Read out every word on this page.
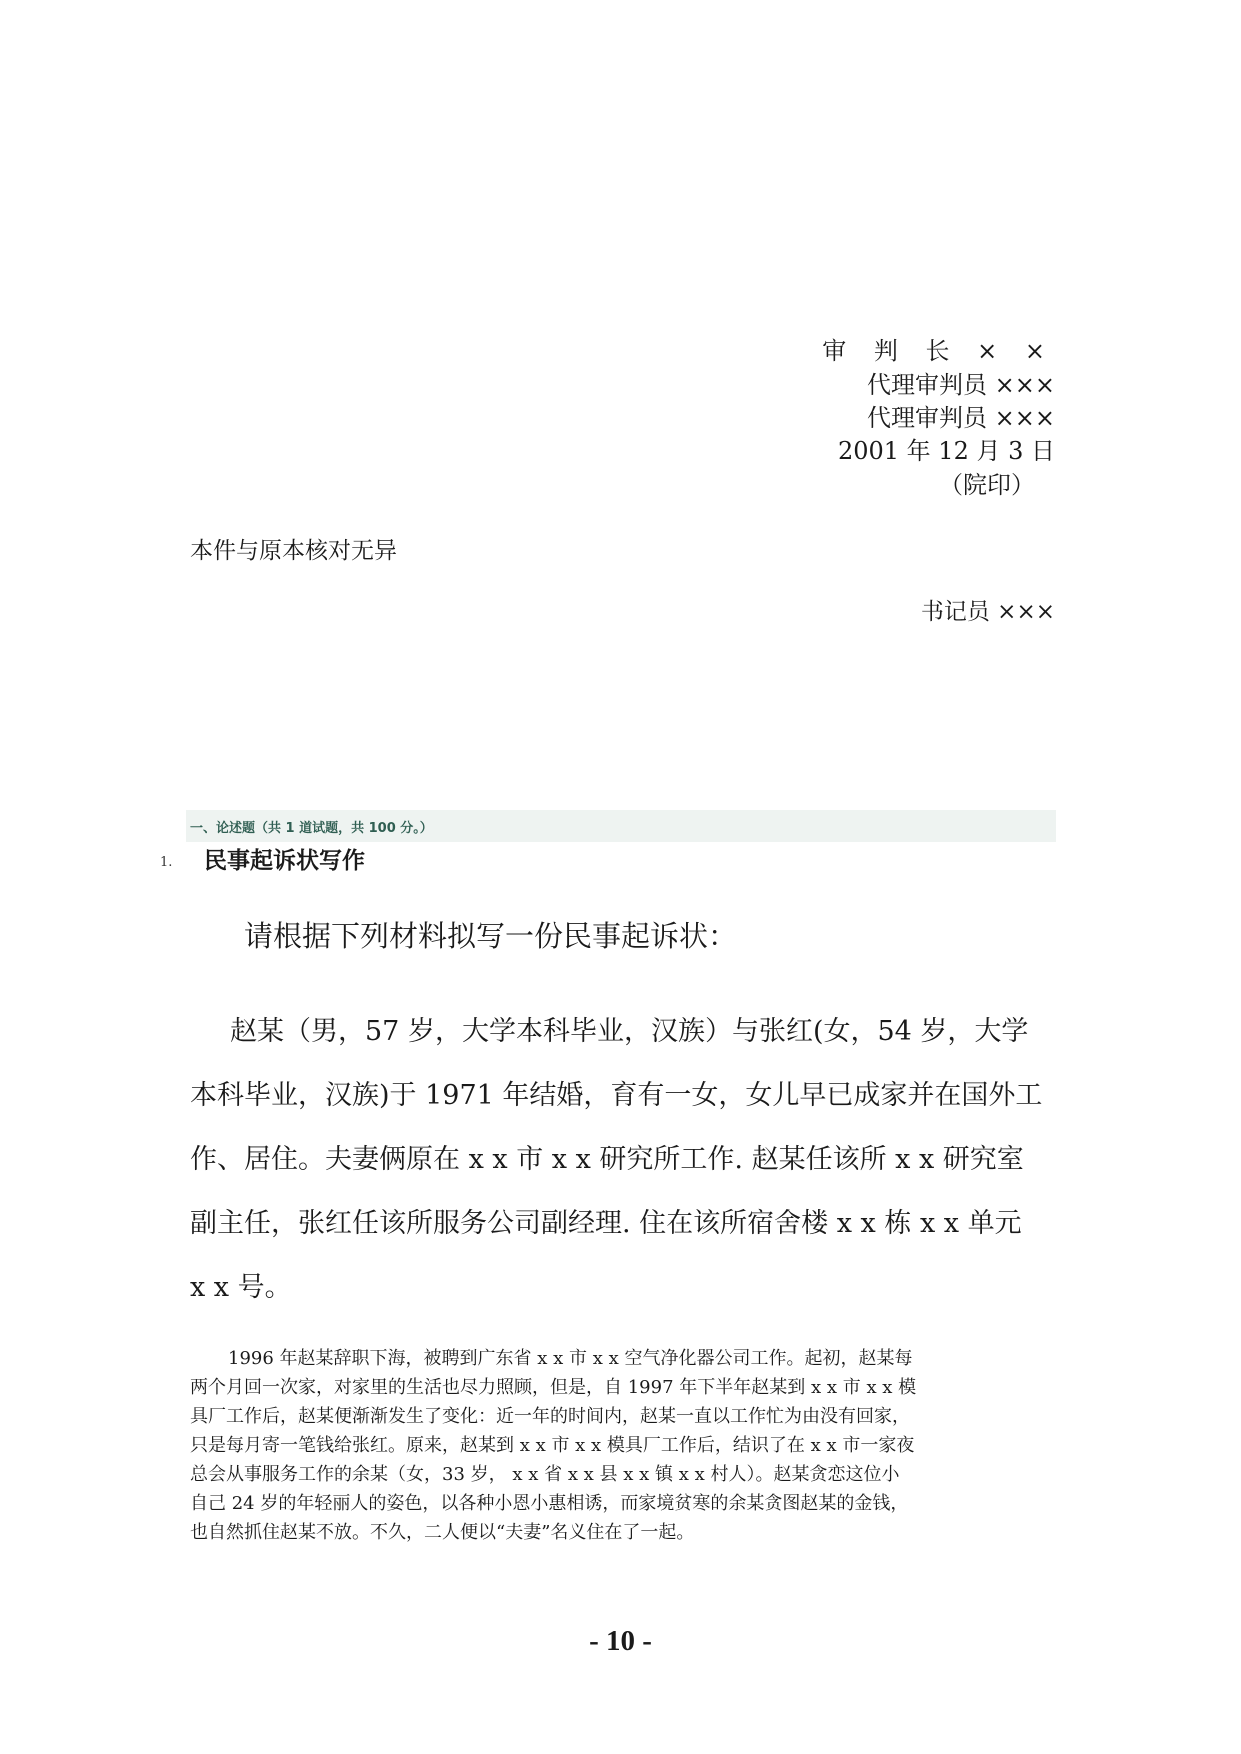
审 判 长 × ×
代理审判员 ×××
代理审判员 ×××
2001 年 12 月 3 日
（院印）
本件与原本核对无异
书记员 ×××
一、论述题（共 1 道试题，共 100 分。）
1. 民事起诉状写作
请根据下列材料拟写一份民事起诉状：
赵某（男，57 岁，大学本科毕业，汉族）与张红(女，54 岁，大学
本科毕业，汉族)于 1971 年结婚，育有一女，女儿早已成家并在国外工
作、居住。夫妻俩原在 x x 市 x x 研究所工作. 赵某任该所 x x 研究室
副主任，张红任该所服务公司副经理. 住在该所宿舍楼 x x 栋 x x 单元
x x 号。
1996 年赵某辞职下海，被聘到广东省 x x 市 x x 空气净化器公司工作。起初，赵某每
两个月回一次家，对家里的生活也尽力照顾，但是，自 1997 年下半年赵某到 x x 市 x x 模
具厂工作后，赵某便渐渐发生了变化：近一年的时间内，赵某一直以工作忙为由没有回家，
只是每月寄一笔钱给张红。原来，赵某到 x x 市 x x 模具厂工作后，结识了在 x x 市一家夜
总会从事服务工作的余某（女，33 岁， x x 省 x x 县 x x 镇 x x 村人）。赵某贪恋这位小
自己 24 岁的年轻丽人的姿色，以各种小恩小惠相诱，而家境贫寒的余某贪图赵某的金钱，
也自然抓住赵某不放。不久，二人便以“夫妻”名义住在了一起。
- 10 -
